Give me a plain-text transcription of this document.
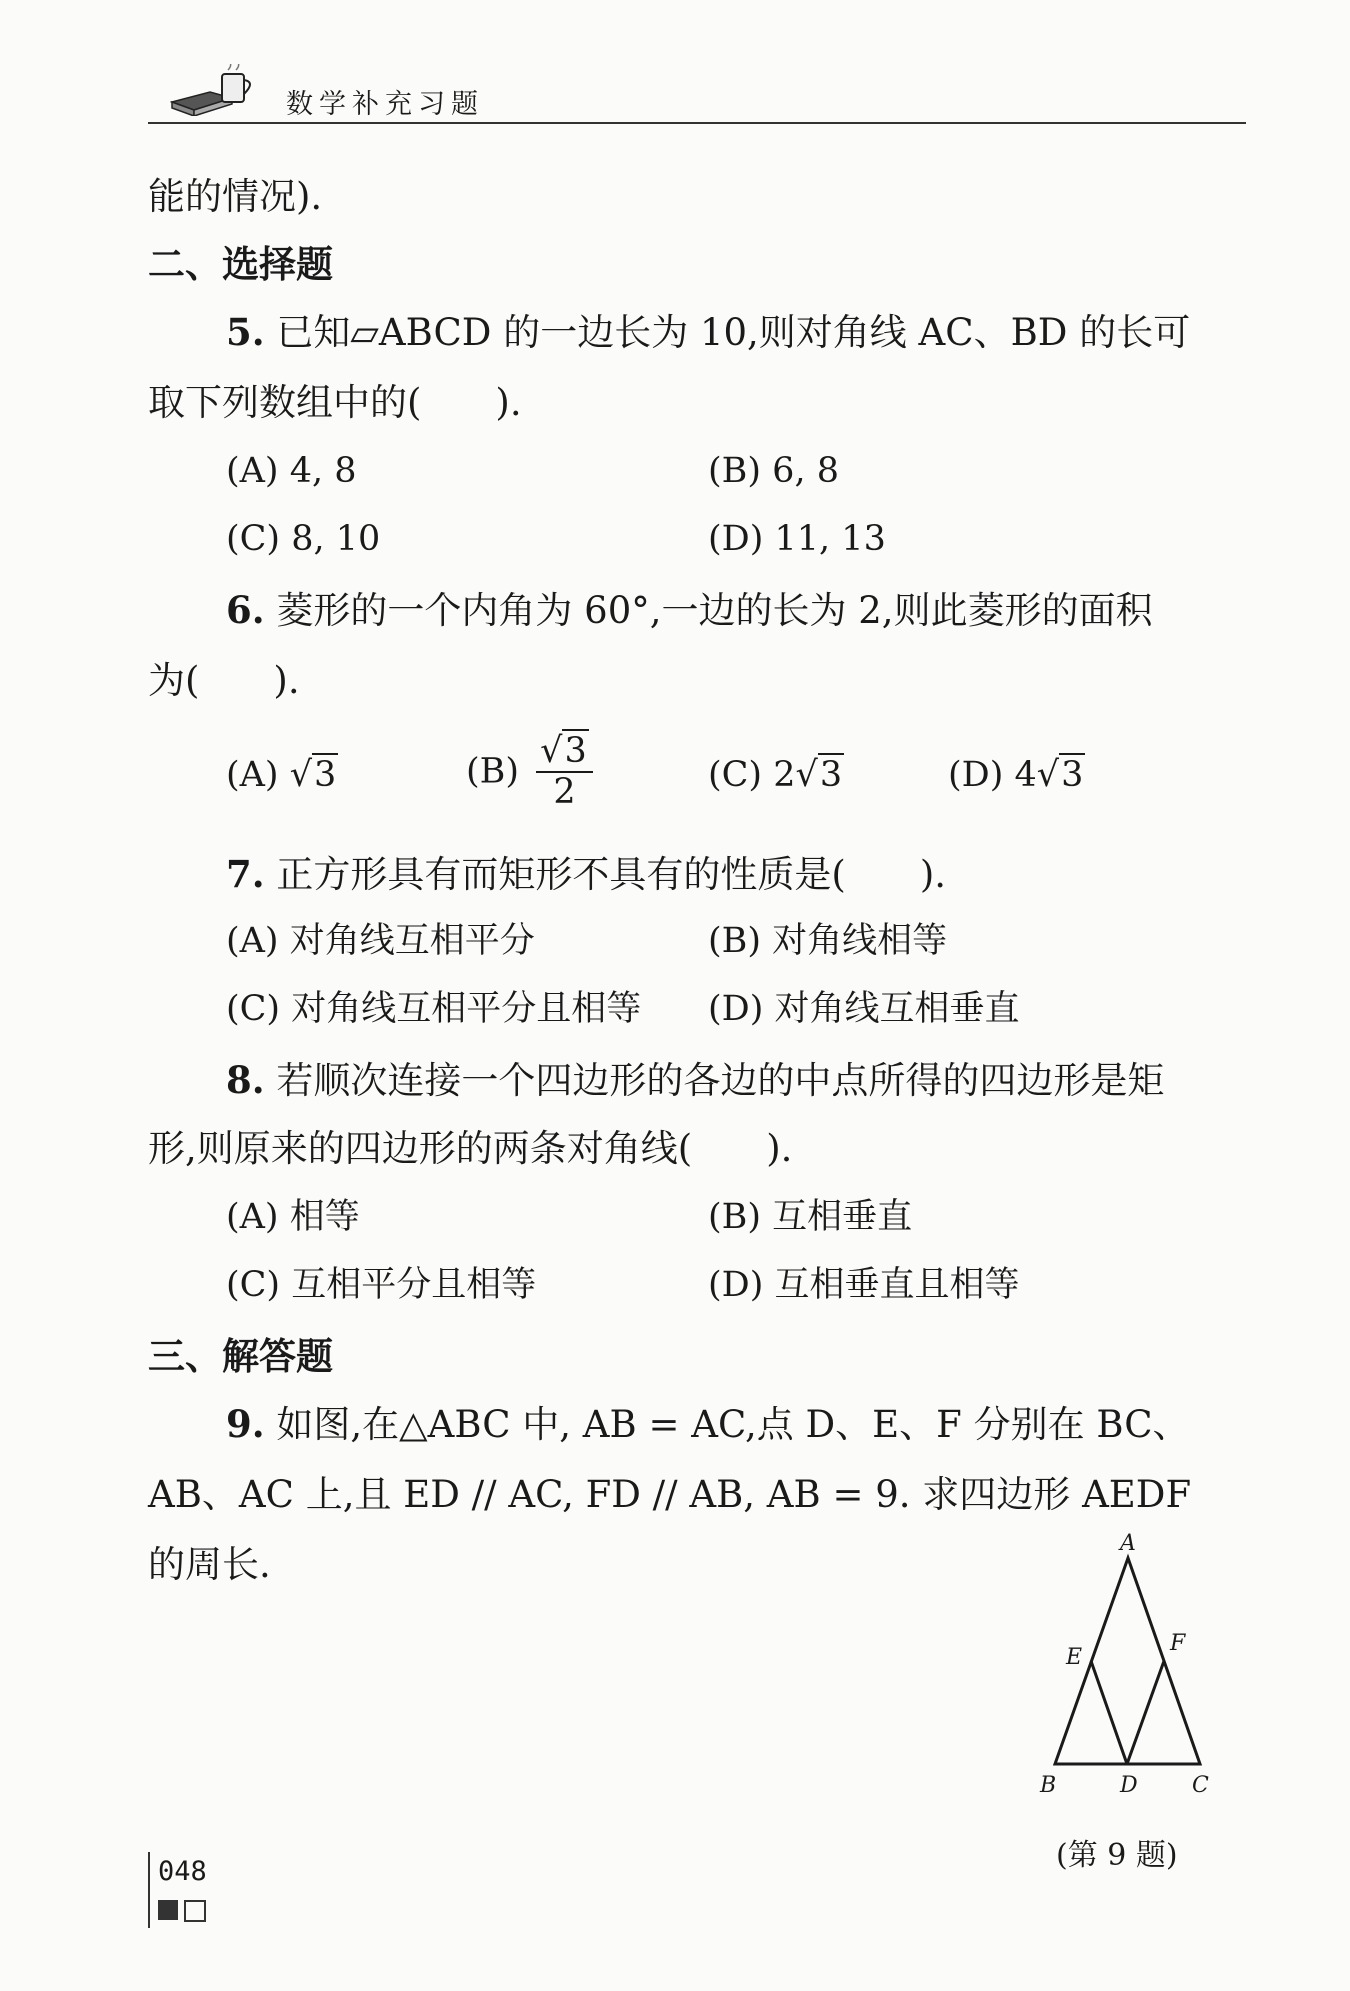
数学补充习题
能的情况).
二、选择题
5. 已知▱ABCD 的一边长为 10,则对角线 AC、BD 的长可
取下列数组中的(　　).
(A) 4, 8	(B) 6, 8
(C) 8, 10	(D) 11, 13
6. 菱形的一个内角为 60°,一边的长为 2,则此菱形的面积
为(　　).
(A) √3	$(B) \frac{√3}{2}$	(C) 2√3	(D) 4√3
7. 正方形具有而矩形不具有的性质是(　　).
(A) 对角线互相平分	(B) 对角线相等
(C) 对角线互相平分且相等 (D) 对角线互相垂直
8. 若顺次连接一个四边形的各边的中点所得的四边形是矩
形,则原来的四边形的两条对角线(　　).
(A) 相等	(B) 互相垂直
(C) 互相平分且相等	(D) 互相垂直且相等
三、解答题
9. 如图,在△ABC 中, AB = AC,点 D、E、F 分别在 BC、
AB、AC 上,且 ED // AC, FD // AB, AB = 9. 求四边形 AEDF
的周长.	A
B	D C
E
F
(第 9 题)
048
